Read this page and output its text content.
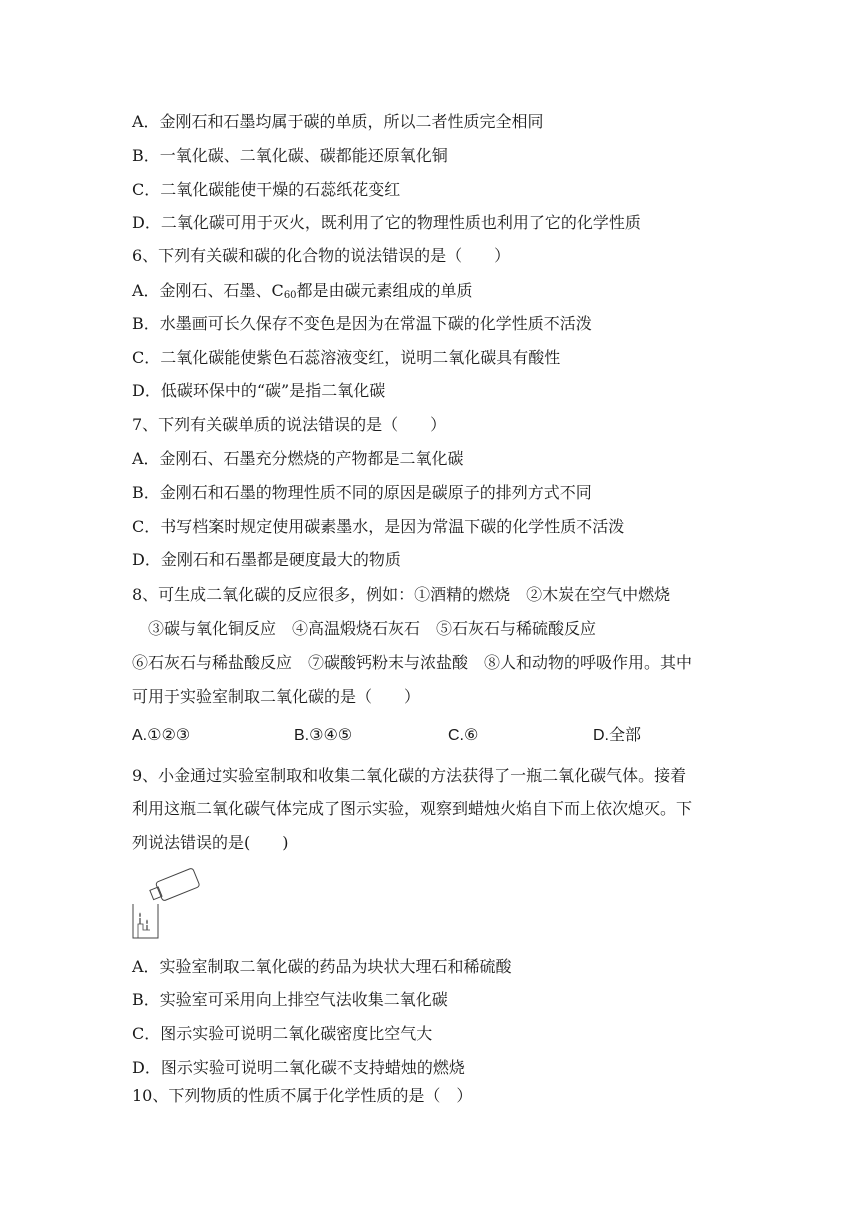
A．金刚石和石墨均属于碳的单质，所以二者性质完全相同
B．一氧化碳、二氧化碳、碳都能还原氧化铜
C．二氧化碳能使干燥的石蕊纸花变红
D．二氧化碳可用于灭火，既利用了它的物理性质也利用了它的化学性质
6、下列有关碳和碳的化合物的说法错误的是（　　）
A．金刚石、石墨、$C_{60}$都是由碳元素组成的单质
B．水墨画可长久保存不变色是因为在常温下碳的化学性质不活泼
C．二氧化碳能使紫色石蕊溶液变红，说明二氧化碳具有酸性
D．低碳环保中的“碳”是指二氧化碳
7、下列有关碳单质的说法错误的是（　　）
A．金刚石、石墨充分燃烧的产物都是二氧化碳
B．金刚石和石墨的物理性质不同的原因是碳原子的排列方式不同
C．书写档案时规定使用碳素墨水，是因为常温下碳的化学性质不活泼
D．金刚石和石墨都是硬度最大的物质
8、可生成二氧化碳的反应很多，例如：①酒精的燃烧　②木炭在空气中燃烧
　③碳与氧化铜反应　④高温煅烧石灰石　⑤石灰石与稀硫酸反应
⑥石灰石与稀盐酸反应　⑦碳酸钙粉末与浓盐酸　⑧人和动物的呼吸作用。其中
可用于实验室制取二氧化碳的是（　　）
A.①②③	B.③④⑤	C.⑥	D.全部
9、小金通过实验室制取和收集二氧化碳的方法获得了一瓶二氧化碳气体。接着
利用这瓶二氧化碳气体完成了图示实验，观察到蜡烛火焰自下而上依次熄灭。下
列说法错误的是(　　)
A．实验室制取二氧化碳的药品为块状大理石和稀硫酸
B．实验室可采用向上排空气法收集二氧化碳
C．图示实验可说明二氧化碳密度比空气大
D．图示实验可说明二氧化碳不支持蜡烛的燃烧
10、下列物质的性质不属于化学性质的是（　）
